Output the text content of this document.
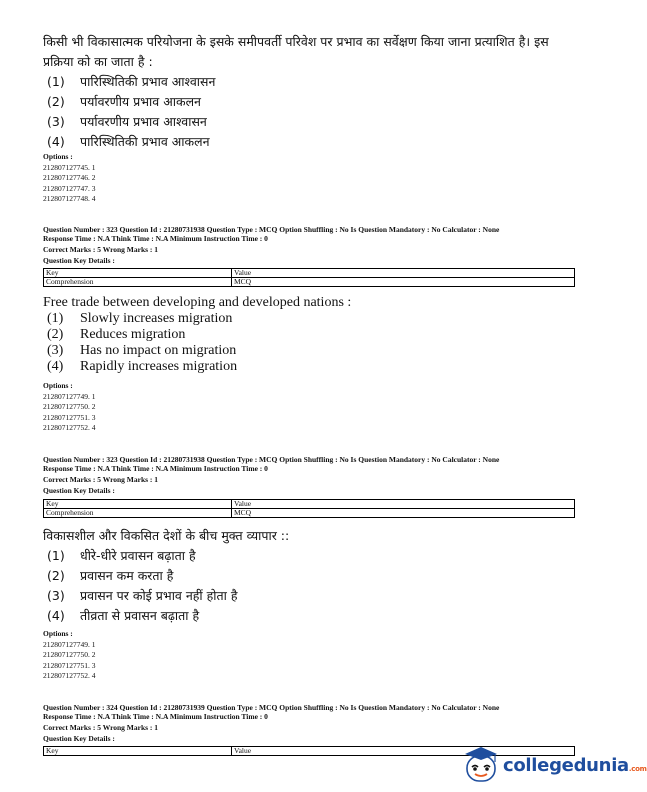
किसी भी विकासात्मक परियोजना के इसके समीपवर्ती परिवेश पर प्रभाव का सर्वेक्षण किया जाना प्रत्याशित है। इस प्रक्रिया को का जाता है :
(1)	पारिस्थितिकी प्रभाव आश्वासन
(2)	पर्यावरणीय प्रभाव आकलन
(3)	पर्यावरणीय प्रभाव आश्वासन
(4)	पारिस्थितिकी प्रभाव आकलन
Options :
212807127745. 1
212807127746. 2
212807127747. 3
212807127748. 4
Question Number : 323 Question Id : 21280731938 Question Type : MCQ Option Shuffling : No Is Question Mandatory : No Calculator : None
Response Time : N.A Think Time : N.A Minimum Instruction Time : 0
Correct Marks : 5 Wrong Marks : 1
Question Key Details :
Key	Value
Comprehension	MCQ
Free trade between developing and developed nations :
(1)	Slowly increases migration
(2)	Reduces migration
(3)	Has no impact on migration
(4)	Rapidly increases migration
Options :
212807127749. 1
212807127750. 2
212807127751. 3
212807127752. 4
Question Number : 323 Question Id : 21280731938 Question Type : MCQ Option Shuffling : No Is Question Mandatory : No Calculator : None
Response Time : N.A Think Time : N.A Minimum Instruction Time : 0
Correct Marks : 5 Wrong Marks : 1
Question Key Details :
Key	Value
Comprehension	MCQ
विकासशील और विकसित देशों के बीच मुक्त व्यापार ::
(1)	धीरे-धीरे प्रवासन बढ़ाता है
(2)	प्रवासन कम करता है
(3)	प्रवासन पर कोई प्रभाव नहीं होता है
(4)	तीव्रता से प्रवासन बढ़ाता है
Options :
212807127749. 1
212807127750. 2
212807127751. 3
212807127752. 4
Question Number : 324 Question Id : 21280731939 Question Type : MCQ Option Shuffling : No Is Question Mandatory : No Calculator : None
Response Time : N.A Think Time : N.A Minimum Instruction Time : 0
Correct Marks : 5 Wrong Marks : 1
Question Key Details :
Key	Value
collegedunia.com
